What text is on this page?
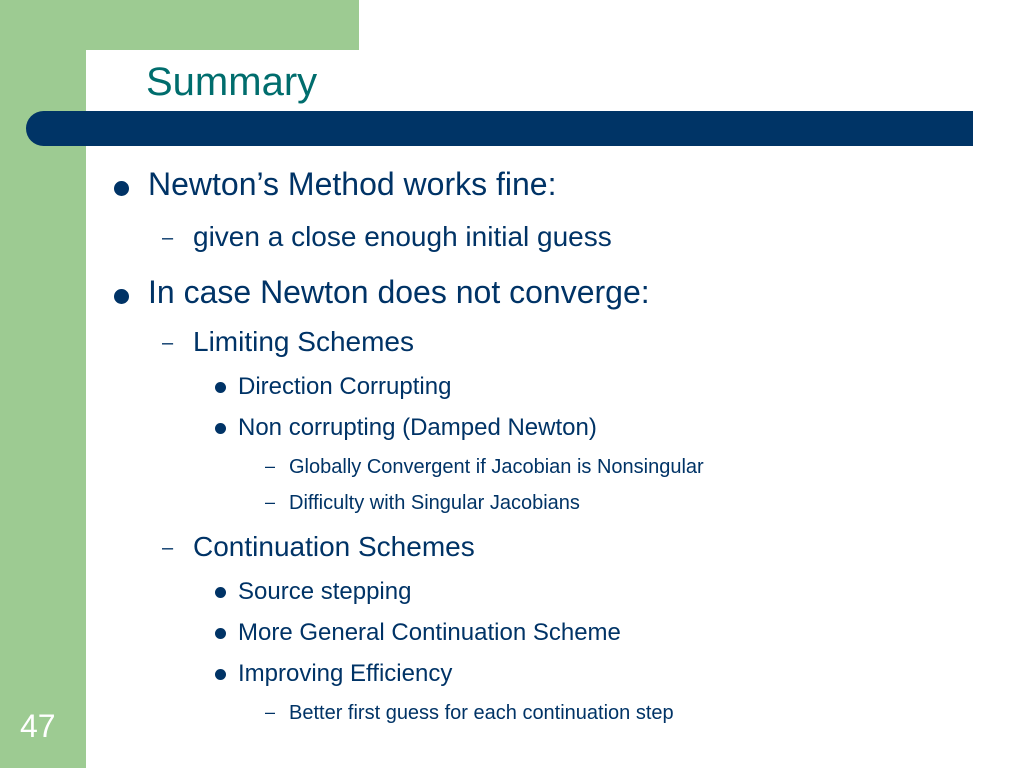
Summary
47
Newton’s Method works fine:
– given a close enough initial guess
In case Newton does not converge:
– Limiting Schemes
Direction Corrupting
Non corrupting (Damped Newton)
– Globally Convergent if Jacobian is Nonsingular
– Difficulty with Singular Jacobians
– Continuation Schemes
Source stepping
More General Continuation Scheme
Improving Efficiency
– Better first guess for each continuation step
